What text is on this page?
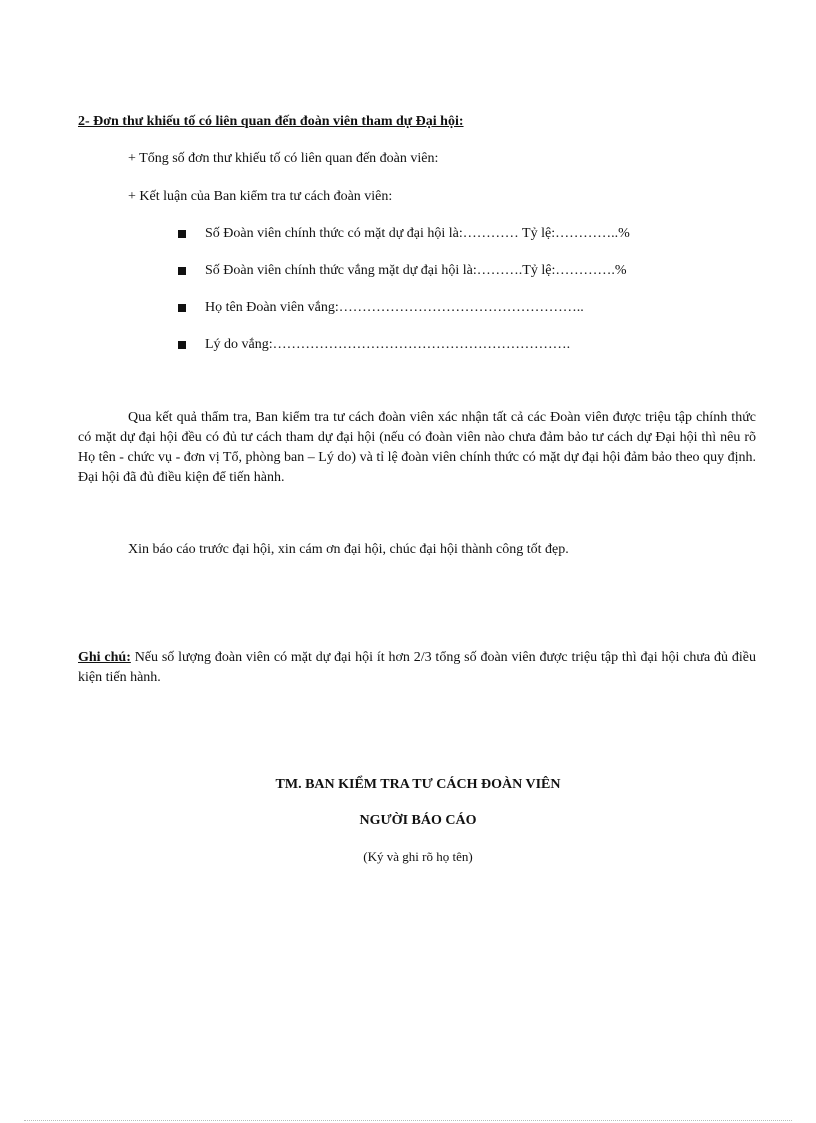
2- Đơn thư khiếu tố có liên quan đến đoàn viên tham dự Đại hội:
+ Tổng số đơn thư khiếu tố có liên quan đến đoàn viên:
+ Kết luận của Ban kiểm tra tư cách đoàn viên:
Số Đoàn viên chính thức có mặt dự đại hội là:………… Tỷ lệ:…………..%
Số Đoàn viên chính thức vắng mặt dự đại hội là:……….Tỷ lệ:………….%
Họ tên Đoàn viên vắng:……………………………………………..
Lý do vắng:……………………………………………………….
Qua kết quả thẩm tra, Ban kiểm tra tư cách đoàn viên xác nhận tất cả các Đoàn viên được triệu tập chính thức có mặt dự đại hội đều có đủ tư cách tham dự đại hội (nếu có đoàn viên nào chưa đảm bảo tư cách dự Đại hội thì nêu rõ Họ tên - chức vụ - đơn vị Tổ, phòng ban – Lý do) và tỉ lệ đoàn viên chính thức có mặt dự đại hội đảm bảo theo quy định. Đại hội đã đủ điều kiện để tiến hành.
Xin báo cáo trước đại hội, xin cám ơn đại hội, chúc đại hội thành công tốt đẹp.
Ghi chú: Nếu số lượng đoàn viên có mặt dự đại hội ít hơn 2/3 tổng số đoàn viên được triệu tập thì đại hội chưa đủ điều kiện tiến hành.
TM. BAN KIỂM TRA TƯ CÁCH ĐOÀN VIÊN
NGƯỜI BÁO CÁO
(Ký và ghi rõ họ tên)
